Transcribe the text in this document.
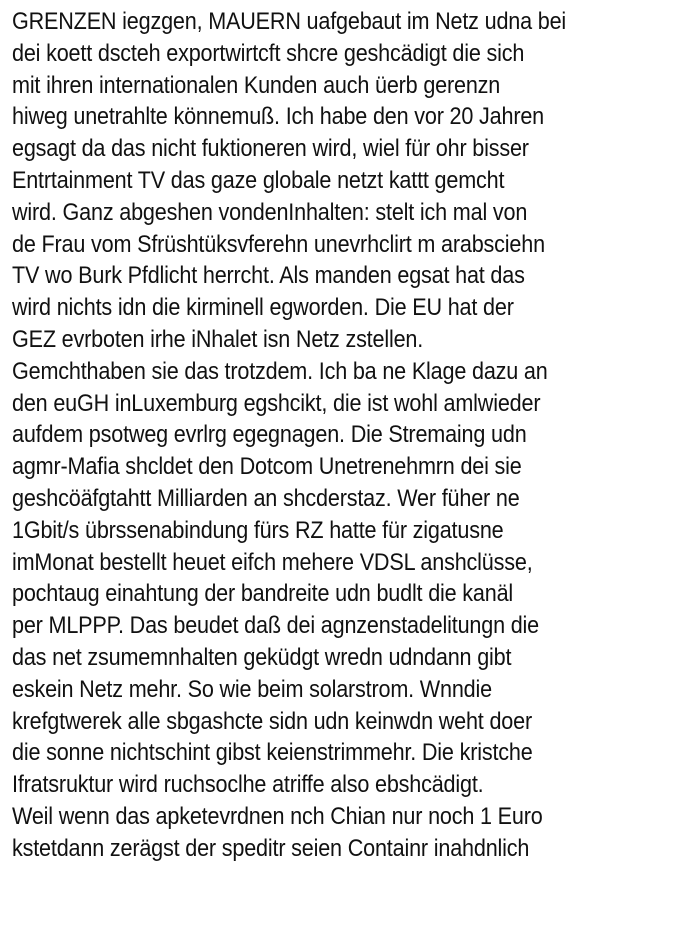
GRENZEN iegzgen, MAUERN uafgebaut im Netz udna bei
dei koett dscteh exportwirtcft shcre geshcädigt die sich
mit ihren internationalen Kunden auch üerb gerenzn
hiweg unetrahlte könnemuß. Ich habe den vor 20 Jahren
egsagt da das nicht fuktioneren wird, wiel für ohr bisser
Entrtainment TV das gaze globale netzt kattt gemcht
wird. Ganz abgeshen vondenInhalten: stelt ich mal von
de Frau vom Sfrüshtüksvferehn unevrhclirt m arabsciehn
TV wo Burk Pfdlicht herrcht. Als manden egsat hat das
wird nichts idn die kirminell egworden. Die EU hat der
GEZ evrboten irhe iNhalet isn Netz zstellen.
Gemchthaben sie das trotzdem. Ich ba ne Klage dazu an
den euGH inLuxemburg egshcikt, die ist wohl amlwieder
aufdem psotweg evrlrg egegnagen. Die Stremaing udn
agmr-Mafia shcldet den Dotcom Unetrenehmrn dei sie
geshcöäfgtahtt Milliarden an shcderstaz. Wer füher ne
1Gbit/s übrssenabindung fürs RZ hatte für zigatusne
imMonat bestellt heuet eifch mehere VDSL anshclüsse,
pochtaug einahtung der bandreite udn budlt die kanäl
per MLPPP. Das beudet daß dei agnzenstadelitungn die
das net zsumemnhalten geküdgt wredn udndann gibt
eskein Netz mehr. So wie beim solarstrom. Wnndie
krefgtwerek alle sbgashcte sidn udn keinwdn weht doer
die sonne nichtschint gibst keienstrimmehr. Die kristche
Ifratsruktur wird ruchsoclhe atriffe also ebshcädigt.
Weil wenn das apketevrdnen nch Chian nur noch 1 Euro
kstetdann zerägst der speditr seien Containr inahdnlich
